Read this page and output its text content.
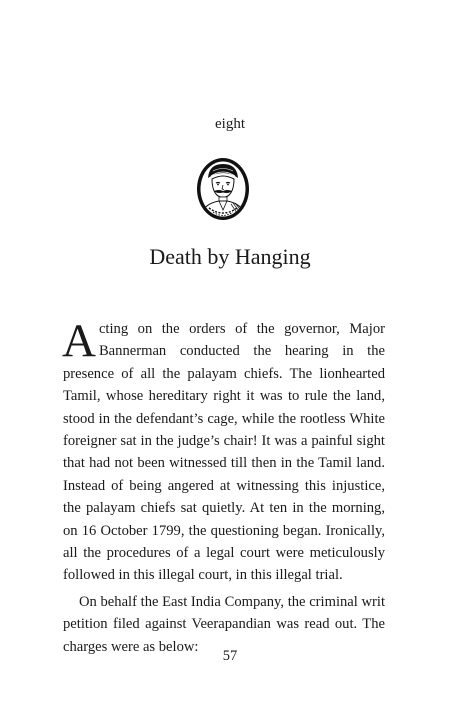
eight
Death by Hanging

Acting on the orders of the governor, Major Bannerman conducted the hearing in the presence of all the palayam chiefs. The lionhearted Tamil, whose hereditary right it was to rule the land, stood in the defendant’s cage, while the rootless White foreigner sat in the judge’s chair! It was a painful sight that had not been witnessed till then in the Tamil land. Instead of being angered at witnessing this injustice, the palayam chiefs sat quietly. At ten in the morning, on 16 October 1799, the questioning began. Ironically, all the procedures of a legal court were meticulously followed in this illegal court, in this illegal trial.

On behalf the East India Company, the criminal writ petition filed against Veerapandian was read out. The charges were as below:

57
